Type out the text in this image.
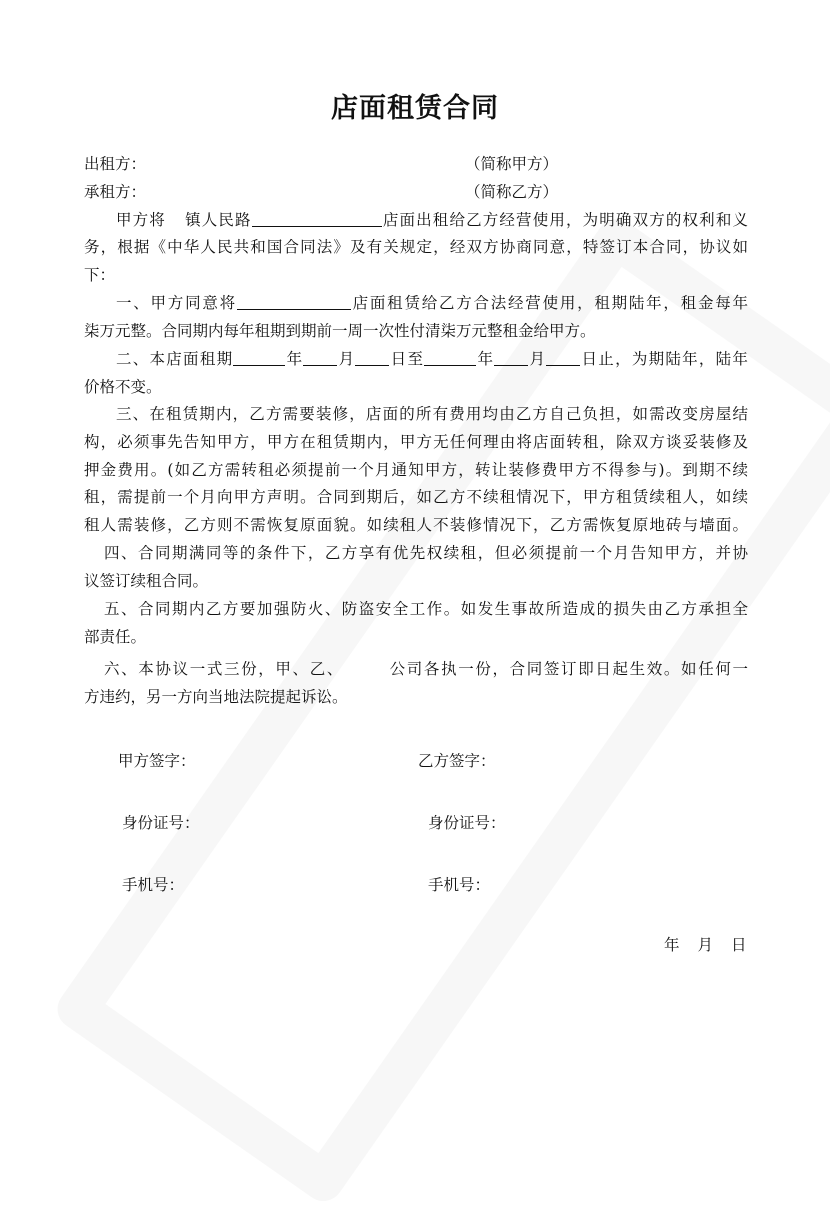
店面租赁合同
出租方：	（简称甲方）
承租方：	（简称乙方）
甲方将 镇人民路	店面出租给乙方经营使用，为明确双方的权利和义
务，根据《中华人民共和国合同法》及有关规定，经双方协商同意，特签订本合同，协议如
下：
一、甲方同意将	店面租赁给乙方合法经营使用，租期陆年，租金每年
柒万元整。合同期内每年租期到期前一周一次性付清柒万元整租金给甲方。
二、本店面租期	年 月 日至	年 月 日止，为期陆年，陆年
价格不变。
三、在租赁期内，乙方需要装修，店面的所有费用均由乙方自己负担，如需改变房屋结
构，必须事先告知甲方，甲方在租赁期内，甲方无任何理由将店面转租，除双方谈妥装修及
押金费用。(如乙方需转租必须提前一个月通知甲方，转让装修费甲方不得参与)。到期不续
租，需提前一个月向甲方声明。合同到期后，如乙方不续租情况下，甲方租赁续租人，如续
租人需装修，乙方则不需恢复原面貌。如续租人不装修情况下，乙方需恢复原地砖与墙面。
四、合同期满同等的条件下，乙方享有优先权续租，但必须提前一个月告知甲方，并协
议签订续租合同。
五、合同期内乙方要加强防火、防盗安全工作。如发生事故所造成的损失由乙方承担全
部责任。
六、本协议一式三份，甲、乙、	公司各执一份，合同签订即日起生效。如任何一
方违约，另一方向当地法院提起诉讼。
甲方签字：	乙方签字：
身份证号：	身份证号：
手机号：	手机号：
年 月 日
